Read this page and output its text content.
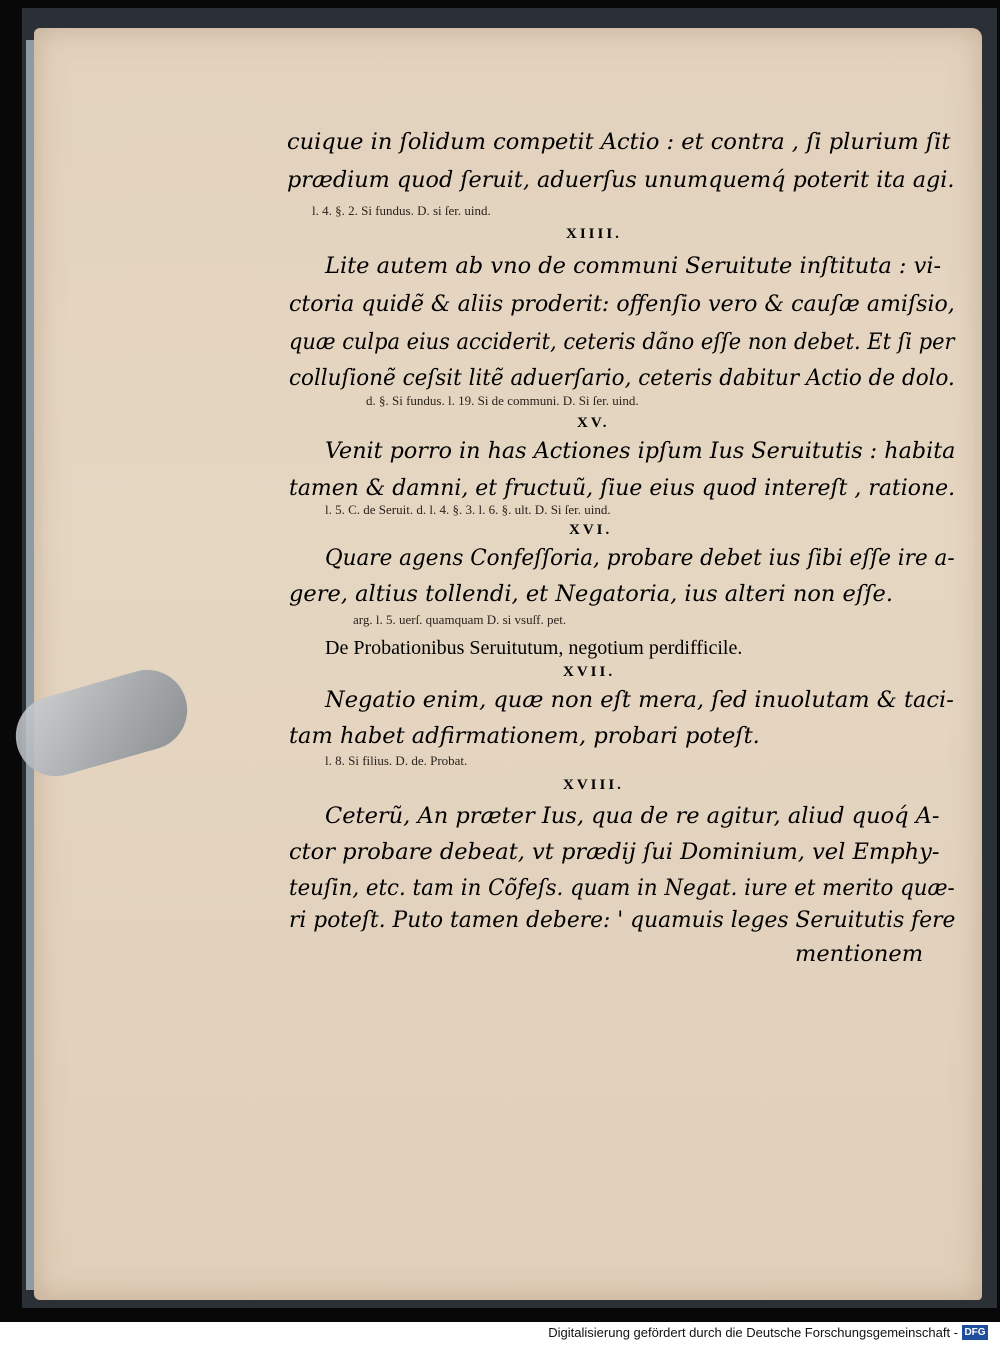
cuique in ſolidum competit Actio : et contra , ſi plurium ſit
prædium quod ſeruit, aduerſus unumquemq́ poterit ita agi.
l. 4. §. 2. Si fundus. D. si ſer. uind.
XIIII.
Lite autem ab vno de communi Seruitute inſtituta : vi-
ctoria quidẽ & aliis proderit: offenſio vero & cauſæ amiſsio,
quæ culpa eius acciderit, ceteris dãno eſſe non debet. Et ſi per
colluſionẽ ceſsit litẽ aduerſario, ceteris dabitur Actio de dolo.
d. §. Si fundus. l. 19. Si de communi. D. Si ſer. uind.
XV.
Venit porro in has Actiones ipſum Ius Seruitutis : habita
tamen & damni, et fructuũ, ſiue eius quod intereſt , ratione.
l. 5. C. de Seruit. d. l. 4. §. 3. l. 6. §. ult. D. Si ſer. uind.
XVI.
Quare agens Confeſſoria, probare debet ius ſibi eſſe ire a-
gere, altius tollendi, et Negatoria, ius alteri non eſſe.
arg. l. 5. uerſ. quamquam D. si vsuſf. pet.
De Probationibus Seruitutum, negotium perdifficile.
XVII.
Negatio enim, quæ non eſt mera, ſed inuolutam & taci-
tam habet adfirmationem, probari poteſt.
l. 8. Si filius. D. de. Probat.
XVIII.
Ceterũ, An præter Ius, qua de re agitur, aliud quoq́ A-
ctor probare debeat, vt prædij ſui Dominium, vel Emphy-
teuſin, etc. tam in Cõfeſs. quam in Negat. iure et merito quæ-
ri poteſt. Puto tamen debere: ' quamuis leges Seruitutis fere
mentionem
Digitalisierung gefördert durch die Deutsche Forschungsgemeinschaft - DFG
